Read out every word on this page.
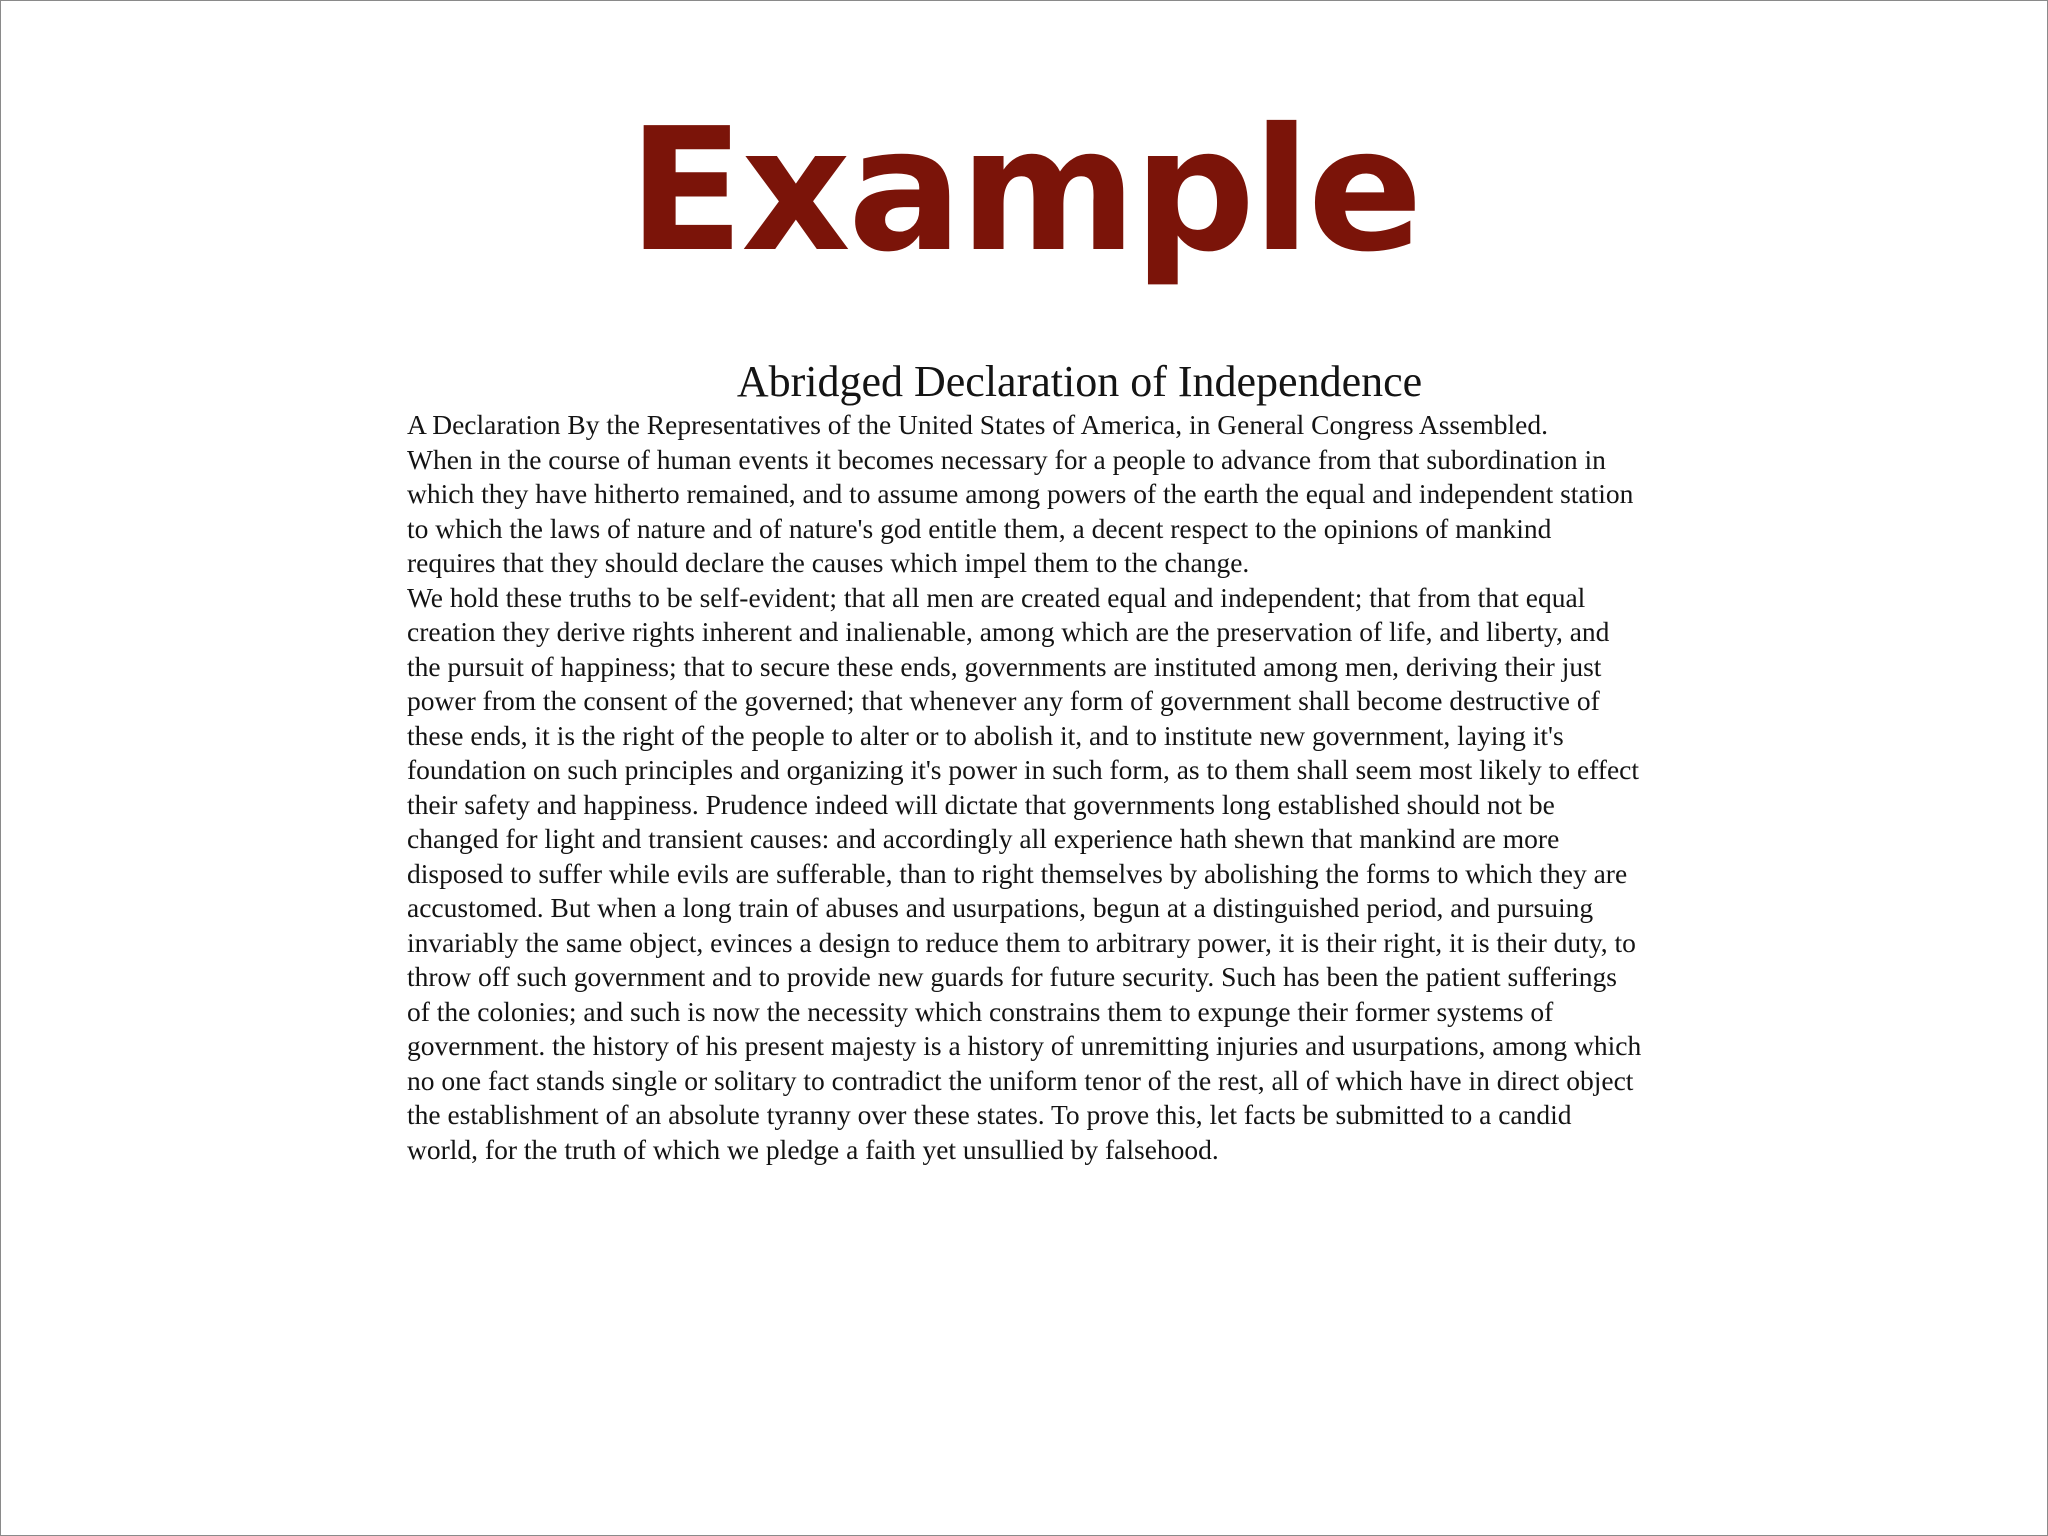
Example
Abridged Declaration of Independence

A Declaration By the Representatives of the United States of America, in General Congress Assembled.

When in the course of human events it becomes necessary for a people to advance from that subordination in

which they have hitherto remained, and to assume among powers of the earth the equal and independent station

to which the laws of nature and of nature's god entitle them, a decent respect to the opinions of mankind

requires that they should declare the causes which impel them to the change.

We hold these truths to be self-evident; that all men are created equal and independent; that from that equal

creation they derive rights inherent and inalienable, among which are the preservation of life, and liberty, and

the pursuit of happiness; that to secure these ends, governments are instituted among men, deriving their just

power from the consent of the governed; that whenever any form of government shall become destructive of

these ends, it is the right of the people to alter or to abolish it, and to institute new government, laying it's

foundation on such principles and organizing it's power in such form, as to them shall seem most likely to effect

their safety and happiness. Prudence indeed will dictate that governments long established should not be

changed for light and transient causes: and accordingly all experience hath shewn that mankind are more

disposed to suffer while evils are sufferable, than to right themselves by abolishing the forms to which they are

accustomed. But when a long train of abuses and usurpations, begun at a distinguished period, and pursuing

invariably the same object, evinces a design to reduce them to arbitrary power, it is their right, it is their duty, to

throw off such government and to provide new guards for future security. Such has been the patient sufferings

of the colonies; and such is now the necessity which constrains them to expunge their former systems of

government. the history of his present majesty is a history of unremitting injuries and usurpations, among which

no one fact stands single or solitary to contradict the uniform tenor of the rest, all of which have in direct object

the establishment of an absolute tyranny over these states. To prove this, let facts be submitted to a candid

world, for the truth of which we pledge a faith yet unsullied by falsehood.
